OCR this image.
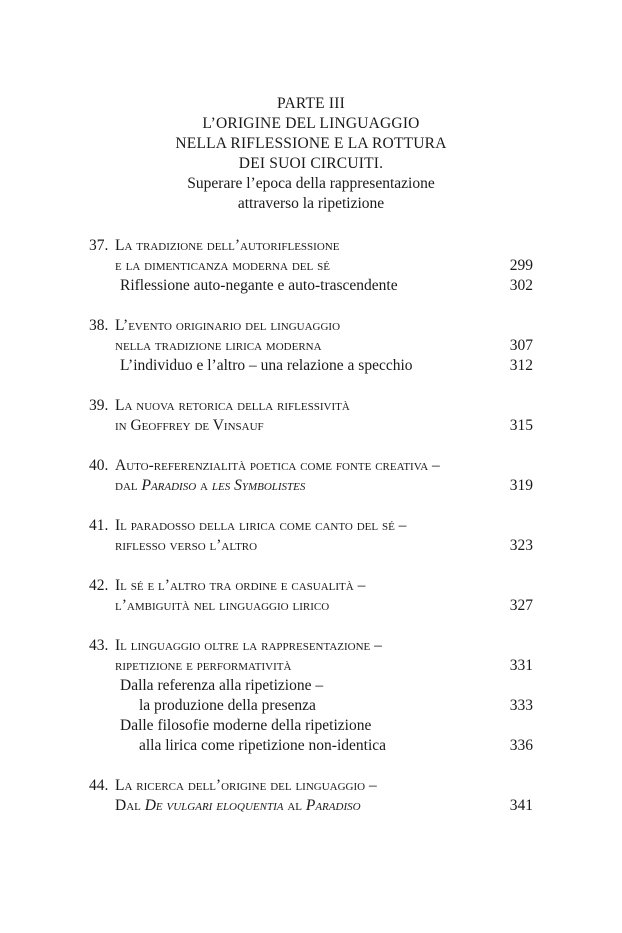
PARTE III
L’ORIGINE DEL LINGUAGGIO
NELLA RIFLESSIONE E LA ROTTURA
DEI SUOI CIRCUITI.
Superare l’epoca della rappresentazione
attraverso la ripetizione
37. La tradizione dell’autoriflessione
e la dimenticanza moderna del sé	299
Riflessione auto-negante e auto-trascendente	302
38. L’evento originario del linguaggio
nella tradizione lirica moderna	307
L’individuo e l’altro – una relazione a specchio	312
39. La nuova retorica della riflessività
in Geoffrey de Vinsauf	315
40. Auto-referenzialità poetica come fonte creativa –
dal Paradiso a les Symbolistes	319
41. Il paradosso della lirica come canto del sé –
riflesso verso l’altro	323
42. Il sé e l’altro tra ordine e casualità –
l’ambiguità nel linguaggio lirico	327
43. Il linguaggio oltre la rappresentazione –
ripetizione e performatività	331
Dalla referenza alla ripetizione –
la produzione della presenza	333
Dalle filosofie moderne della ripetizione
alla lirica come ripetizione non-identica	336
44. La ricerca dell’origine del linguaggio –
Dal De vulgari eloquentia al Paradiso	341
